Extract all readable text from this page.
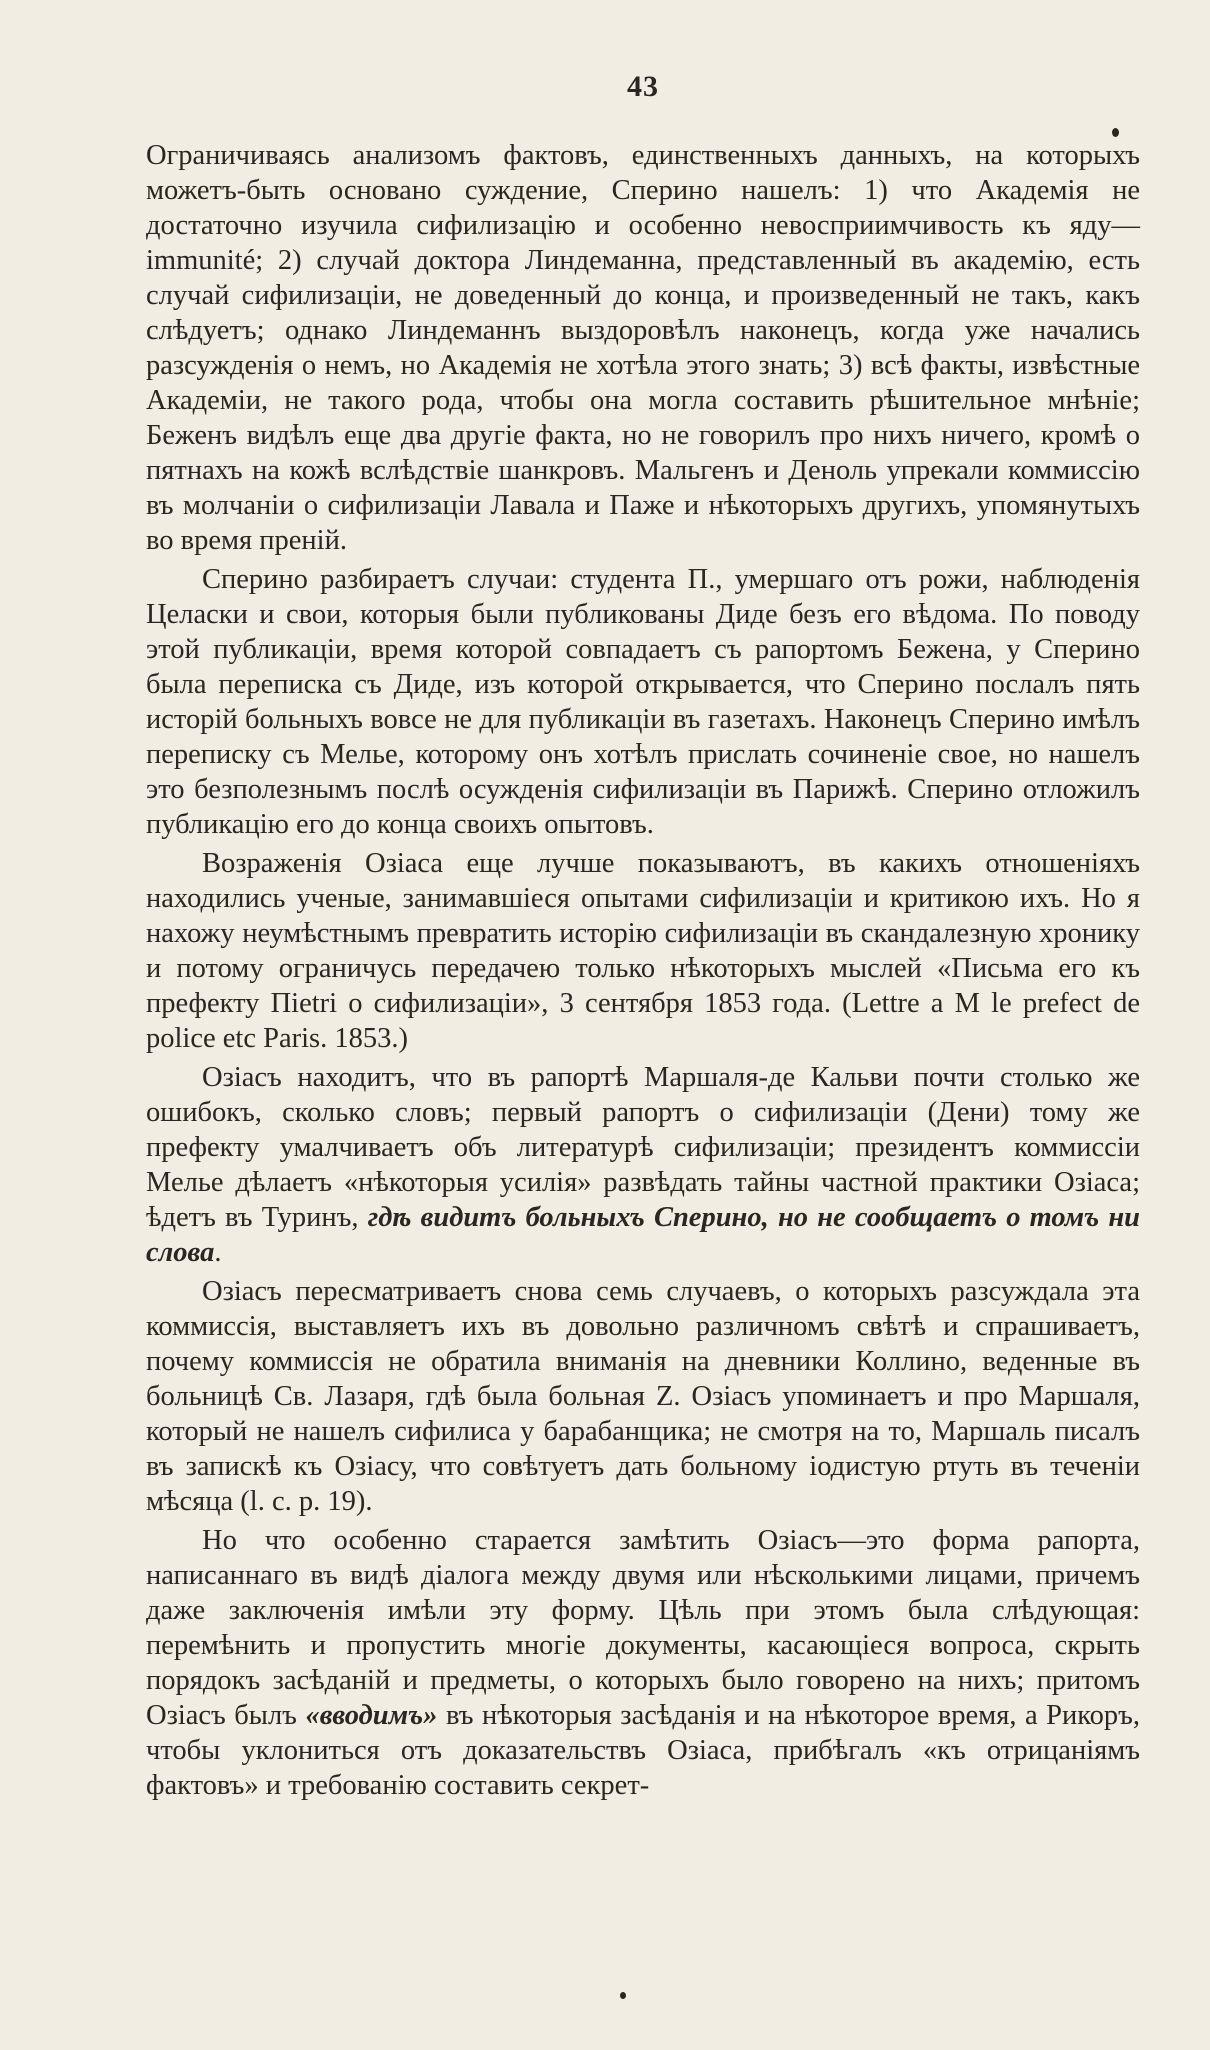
43

Ограничиваясь анализомъ фактовъ, единственныхъ данныхъ, на которыхъ можетъ-быть основано суждение, Сперино нашелъ: 1) что Академія не достаточно изучила сифилизацію и особенно невосприимчивость къ яду—immunité; 2) случай доктора Линдеманна, представленный въ академію, есть случай сифилизаціи, не доведенный до конца, и произведенный не такъ, какъ слѣдуетъ; однако Линдеманнъ выздоровѣлъ наконецъ, когда уже начались разсужденія о немъ, но Академія не хотѣла этого знать; 3) всѣ факты, извѣстные Академіи, не такого рода, чтобы она могла составить рѣшительное мнѣніе; Беженъ видѣлъ еще два другіе факта, но не говорилъ про нихъ ничего, кромѣ о пятнахъ на кожѣ вслѣдствіе шанкровъ. Мальгенъ и Деноль упрекали коммиссію въ молчаніи о сифилизаціи Лавала и Паже и нѣкоторыхъ другихъ, упомянутыхъ во время преній.

Сперино разбираетъ случаи: студента П., умершаго отъ рожи, наблюденія Целаски и свои, которыя были публикованы Диде безъ его вѣдома. По поводу этой публикаціи, время которой совпадаетъ съ рапортомъ Бежена, у Сперино была переписка съ Диде, изъ которой открывается, что Сперино послалъ пять исторій больныхъ вовсе не для публикаціи въ газетахъ. Наконецъ Сперино имѣлъ переписку съ Мелье, которому онъ хотѣлъ прислать сочиненіе свое, но нашелъ это безполезнымъ послѣ осужденія сифилизаціи въ Парижѣ. Сперино отложилъ публикацію его до конца своихъ опытовъ.

Возраженія Озіаса еще лучше показываютъ, въ какихъ отношеніяхъ находились ученые, занимавшіеся опытами сифилизаціи и критикою ихъ. Но я нахожу неумѣстнымъ превратить исторію сифилизаціи въ скандалезную хронику и потому ограничусь передачею только нѣкоторыхъ мыслей «Письма его къ префекту Пietri о сифилизаціи», 3 сентября 1853 года. (Lettre a M le prefect de police etc Paris. 1853.)

Озіасъ находитъ, что въ рапортѣ Маршаля-де Кальви почти столько же ошибокъ, сколько словъ; первый рапортъ о сифилизаціи (Дени) тому же префекту умалчиваетъ объ литературѣ сифилизаціи; президентъ коммиссіи Мелье дѣлаетъ «нѣкоторыя усилія» развѣдать тайны частной практики Озіаса; ѣдетъ въ Туринъ, гдѣ видитъ больныхъ Сперино, но не сообщаетъ о томъ ни слова.

Озіасъ пересматриваетъ снова семь случаевъ, о которыхъ разсуждала эта коммиссія, выставляетъ ихъ въ довольно различномъ свѣтѣ и спрашиваетъ, почему коммиссія не обратила вниманія на дневники Коллино, веденные въ больницѣ Св. Лазаря, гдѣ была больная Z. Озіасъ упоминаетъ и про Маршаля, который не нашелъ сифилиса у барабанщика; не смотря на то, Маршаль писалъ въ запискѣ къ Озіасу, что совѣтуетъ дать больному іодистую ртуть въ теченіи мѣсяца (l. c. p. 19).

Но что особенно старается замѣтить Озіасъ—это форма рапорта, написаннаго въ видѣ діалога между двумя или нѣсколькими лицами, причемъ даже заключенія имѣли эту форму. Цѣль при этомъ была слѣдующая: перемѣнить и пропустить многіе документы, касающіеся вопроса, скрыть порядокъ засѣданій и предметы, о которыхъ было говорено на нихъ; притомъ Озіасъ былъ «вводимъ» въ нѣкоторыя засѣданія и на нѣкоторое время, а Рикоръ, чтобы уклониться отъ доказательствъ Озіаса, прибѣгалъ «къ отрицаніямъ фактовъ» и требованію составить секрет-
